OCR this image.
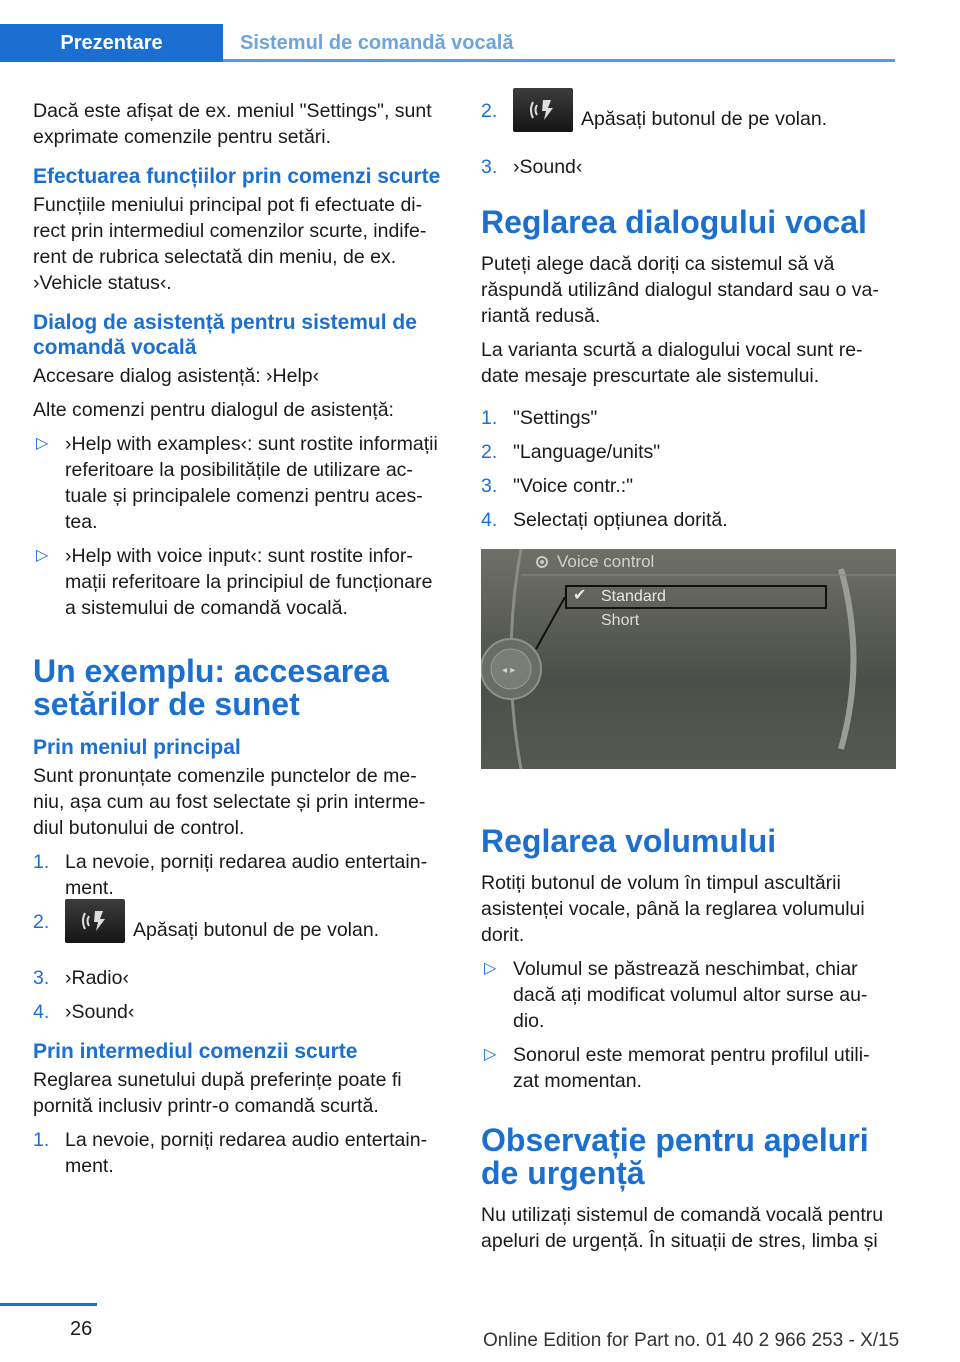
Prezentare	Sistemul de comandă vocală

Dacă este afișat de ex. meniul "Settings", sunt exprimate comenzile pentru setări.

Efectuarea funcțiilor prin comenzi scurte

Funcțiile meniului principal pot fi efectuate di‐ rect prin intermediul comenzilor scurte, indife‐ rent de rubrica selectată din meniu, de ex. ›Vehicle status‹.

Dialog de asistență pentru sistemul de comandă vocală

Accesare dialog asistență: ›Help‹

Alte comenzi pentru dialogul de asistență:

▷ ›Help with examples‹: sunt rostite informații referitoare la posibilitățile de utilizare ac‐ tuale și principalele comenzi pentru aces‐ tea.
▷ ›Help with voice input‹: sunt rostite infor‐ mații referitoare la principiul de funcționare a sistemului de comandă vocală.
Un exemplu: accesarea setărilor de sunet
Prin meniul principal

Sunt pronunțate comenzile punctelor de me‐ niu, așa cum au fost selectate și prin interme‐ diul butonului de control.

1. La nevoie, porniți redarea audio entertain‐ ment.
2.	Apăsați butonul de pe volan.
3. ›Radio‹
4. ›Sound‹
Prin intermediul comenzii scurte

Reglarea sunetului după preferințe poate fi pornită inclusiv printr-o comandă scurtă.

1. La nevoie, porniți redarea audio entertain‐ ment.
2.	Apăsați butonul de pe volan.
3. ›Sound‹
Reglarea dialogului vocal

Puteți alege dacă doriți ca sistemul să vă răspundă utilizând dialogul standard sau o va‐ riantă redusă.

La varianta scurtă a dialogului vocal sunt re‐ date mesaje prescurtate ale sistemului.

1. "Settings"
2. "Language/units"
3. "Voice contr.:"
4. Selectați opțiunea dorită.
◂ ▸
Voice control
✔ Standard
Short
Reglarea volumului

Rotiți butonul de volum în timpul ascultării asistenței vocale, până la reglarea volumului dorit.

▷ Volumul se păstrează neschimbat, chiar dacă ați modificat volumul altor surse au‐ dio.
▷ Sonorul este memorat pentru profilul utili‐ zat momentan.
Observație pentru apeluri de urgență

Nu utilizați sistemul de comandă vocală pentru apeluri de urgență. În situații de stres, limba și

26
Online Edition for Part no. 01 40 2 966 253 - X/15
